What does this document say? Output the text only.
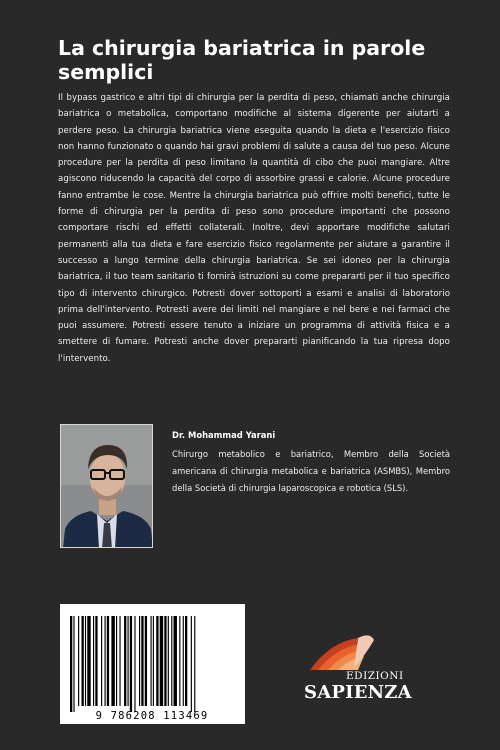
La chirurgia bariatrica in parole semplici

Il bypass gastrico e altri tipi di chirurgia per la perdita di peso, chiamati anche chirurgia bariatrica o metabolica, comportano modifiche al sistema digerente per aiutarti a perdere peso. La chirurgia bariatrica viene eseguita quando la dieta e l'esercizio fisico non hanno funzionato o quando hai gravi problemi di salute a causa del tuo peso. Alcune procedure per la perdita di peso limitano la quantità di cibo che puoi mangiare. Altre agiscono riducendo la capacità del corpo di assorbire grassi e calorie. Alcune procedure fanno entrambe le cose. Mentre la chirurgia bariatrica può offrire molti benefici, tutte le forme di chirurgia per la perdita di peso sono procedure importanti che possono comportare rischi ed effetti collaterali. Inoltre, devi apportare modifiche salutari permanenti alla tua dieta e fare esercizio fisico regolarmente per aiutare a garantire il successo a lungo termine della chirurgia bariatrica. Se sei idoneo per la chirurgia bariatrica, il tuo team sanitario ti fornirà istruzioni su come prepararti per il tuo specifico tipo di intervento chirurgico. Potresti dover sottoporti a esami e analisi di laboratorio prima dell'intervento. Potresti avere dei limiti nel mangiare e nel bere e nei farmaci che puoi assumere. Potresti essere tenuto a iniziare un programma di attività fisica e a smettere di fumare. Potresti anche dover prepararti pianificando la tua ripresa dopo l'intervento.

Dr. Mohammad Yarani

Chirurgo metabolico e bariatrico, Membro della Società americana di chirurgia metabolica e bariatrica (ASMBS), Membro della Società di chirurgia laparoscopica e robotica (SLS).

9 786208 113469
EDIZIONI
SAPIENZA
